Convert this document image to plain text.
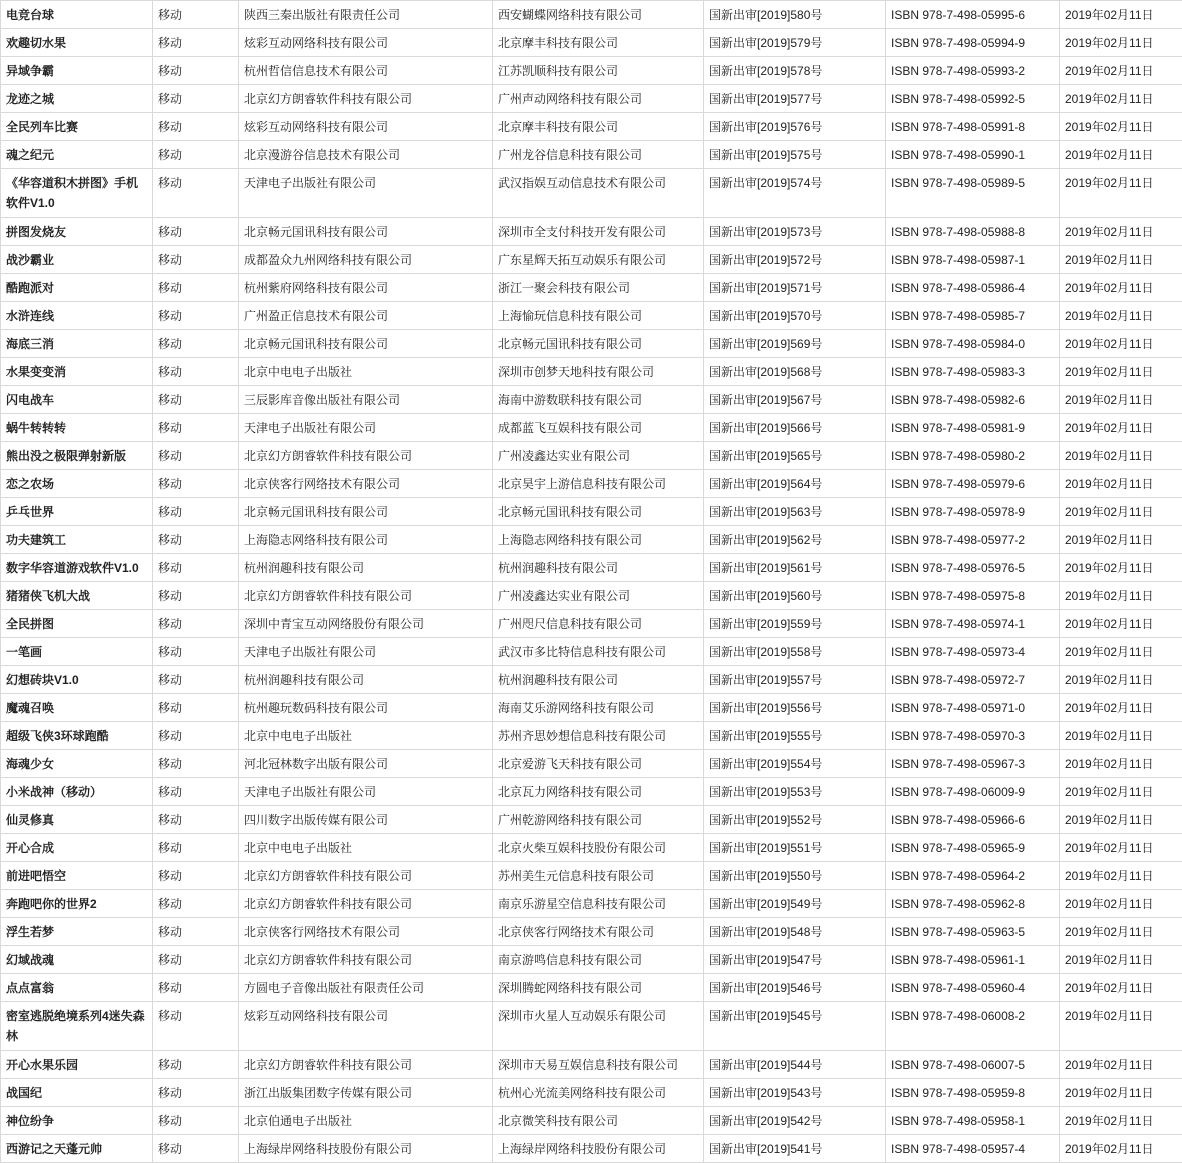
电竞台球	移动	陕西三秦出版社有限责任公司	西安蝴蝶网络科技有限公司	国新出审[2019]580号	ISBN 978-7-498-05995-6	2019年02月11日
欢趣切水果	移动	炫彩互动网络科技有限公司	北京摩丰科技有限公司	国新出审[2019]579号	ISBN 978-7-498-05994-9	2019年02月11日
异域争霸	移动	杭州哲信信息技术有限公司	江苏凯顺科技有限公司	国新出审[2019]578号	ISBN 978-7-498-05993-2	2019年02月11日
龙迹之城	移动	北京幻方朗睿软件科技有限公司	广州声动网络科技有限公司	国新出审[2019]577号	ISBN 978-7-498-05992-5	2019年02月11日
全民列车比赛	移动	炫彩互动网络科技有限公司	北京摩丰科技有限公司	国新出审[2019]576号	ISBN 978-7-498-05991-8	2019年02月11日
魂之纪元	移动	北京漫游谷信息技术有限公司	广州龙谷信息科技有限公司	国新出审[2019]575号	ISBN 978-7-498-05990-1	2019年02月11日
《华容道积木拼图》手机软件V1.0	移动	天津电子出版社有限公司	武汉指娱互动信息技术有限公司	国新出审[2019]574号	ISBN 978-7-498-05989-5	2019年02月11日
拼图发烧友	移动	北京畅元国讯科技有限公司	深圳市全支付科技开发有限公司	国新出审[2019]573号	ISBN 978-7-498-05988-8	2019年02月11日
战沙霸业	移动	成都盈众九州网络科技有限公司	广东星辉天拓互动娱乐有限公司	国新出审[2019]572号	ISBN 978-7-498-05987-1	2019年02月11日
酷跑派对	移动	杭州紫府网络科技有限公司	浙江一聚会科技有限公司	国新出审[2019]571号	ISBN 978-7-498-05986-4	2019年02月11日
水浒连线	移动	广州盈正信息技术有限公司	上海愉玩信息科技有限公司	国新出审[2019]570号	ISBN 978-7-498-05985-7	2019年02月11日
海底三消	移动	北京畅元国讯科技有限公司	北京畅元国讯科技有限公司	国新出审[2019]569号	ISBN 978-7-498-05984-0	2019年02月11日
水果变变消	移动	北京中电电子出版社	深圳市创梦天地科技有限公司	国新出审[2019]568号	ISBN 978-7-498-05983-3	2019年02月11日
闪电战车	移动	三辰影库音像出版社有限公司	海南中游数联科技有限公司	国新出审[2019]567号	ISBN 978-7-498-05982-6	2019年02月11日
蜗牛转转转	移动	天津电子出版社有限公司	成都蓝飞互娱科技有限公司	国新出审[2019]566号	ISBN 978-7-498-05981-9	2019年02月11日
熊出没之极限弹射新版	移动	北京幻方朗睿软件科技有限公司	广州凌鑫达实业有限公司	国新出审[2019]565号	ISBN 978-7-498-05980-2	2019年02月11日
恋之农场	移动	北京侠客行网络技术有限公司	北京昊宇上游信息科技有限公司	国新出审[2019]564号	ISBN 978-7-498-05979-6	2019年02月11日
乒乓世界	移动	北京畅元国讯科技有限公司	北京畅元国讯科技有限公司	国新出审[2019]563号	ISBN 978-7-498-05978-9	2019年02月11日
功夫建筑工	移动	上海隐志网络科技有限公司	上海隐志网络科技有限公司	国新出审[2019]562号	ISBN 978-7-498-05977-2	2019年02月11日
数字华容道游戏软件V1.0	移动	杭州润趣科技有限公司	杭州润趣科技有限公司	国新出审[2019]561号	ISBN 978-7-498-05976-5	2019年02月11日
猪猪侠飞机大战	移动	北京幻方朗睿软件科技有限公司	广州凌鑫达实业有限公司	国新出审[2019]560号	ISBN 978-7-498-05975-8	2019年02月11日
全民拼图	移动	深圳中青宝互动网络股份有限公司	广州咫尺信息科技有限公司	国新出审[2019]559号	ISBN 978-7-498-05974-1	2019年02月11日
一笔画	移动	天津电子出版社有限公司	武汉市多比特信息科技有限公司	国新出审[2019]558号	ISBN 978-7-498-05973-4	2019年02月11日
幻想砖块V1.0	移动	杭州润趣科技有限公司	杭州润趣科技有限公司	国新出审[2019]557号	ISBN 978-7-498-05972-7	2019年02月11日
魔魂召唤	移动	杭州趣玩数码科技有限公司	海南艾乐游网络科技有限公司	国新出审[2019]556号	ISBN 978-7-498-05971-0	2019年02月11日
超级飞侠3环球跑酷	移动	北京中电电子出版社	苏州齐思妙想信息科技有限公司	国新出审[2019]555号	ISBN 978-7-498-05970-3	2019年02月11日
海魂少女	移动	河北冠林数字出版有限公司	北京爱游飞天科技有限公司	国新出审[2019]554号	ISBN 978-7-498-05967-3	2019年02月11日
小米战神（移动）	移动	天津电子出版社有限公司	北京瓦力网络科技有限公司	国新出审[2019]553号	ISBN 978-7-498-06009-9	2019年02月11日
仙灵修真	移动	四川数字出版传媒有限公司	广州乾游网络科技有限公司	国新出审[2019]552号	ISBN 978-7-498-05966-6	2019年02月11日
开心合成	移动	北京中电电子出版社	北京火柴互娱科技股份有限公司	国新出审[2019]551号	ISBN 978-7-498-05965-9	2019年02月11日
前进吧悟空	移动	北京幻方朗睿软件科技有限公司	苏州美生元信息科技有限公司	国新出审[2019]550号	ISBN 978-7-498-05964-2	2019年02月11日
奔跑吧你的世界2	移动	北京幻方朗睿软件科技有限公司	南京乐游星空信息科技有限公司	国新出审[2019]549号	ISBN 978-7-498-05962-8	2019年02月11日
浮生若梦	移动	北京侠客行网络技术有限公司	北京侠客行网络技术有限公司	国新出审[2019]548号	ISBN 978-7-498-05963-5	2019年02月11日
幻域战魂	移动	北京幻方朗睿软件科技有限公司	南京游鸣信息科技有限公司	国新出审[2019]547号	ISBN 978-7-498-05961-1	2019年02月11日
点点富翁	移动	方圆电子音像出版社有限责任公司	深圳腾蛇网络科技有限公司	国新出审[2019]546号	ISBN 978-7-498-05960-4	2019年02月11日
密室逃脱绝境系列4迷失森林	移动	炫彩互动网络科技有限公司	深圳市火星人互动娱乐有限公司	国新出审[2019]545号	ISBN 978-7-498-06008-2	2019年02月11日
开心水果乐园	移动	北京幻方朗睿软件科技有限公司	深圳市天易互娱信息科技有限公司	国新出审[2019]544号	ISBN 978-7-498-06007-5	2019年02月11日
战国纪	移动	浙江出版集团数字传媒有限公司	杭州心光流美网络科技有限公司	国新出审[2019]543号	ISBN 978-7-498-05959-8	2019年02月11日
神位纷争	移动	北京伯通电子出版社	北京微笑科技有限公司	国新出审[2019]542号	ISBN 978-7-498-05958-1	2019年02月11日
西游记之天蓬元帅	移动	上海绿岸网络科技股份有限公司	上海绿岸网络科技股份有限公司	国新出审[2019]541号	ISBN 978-7-498-05957-4	2019年02月11日
